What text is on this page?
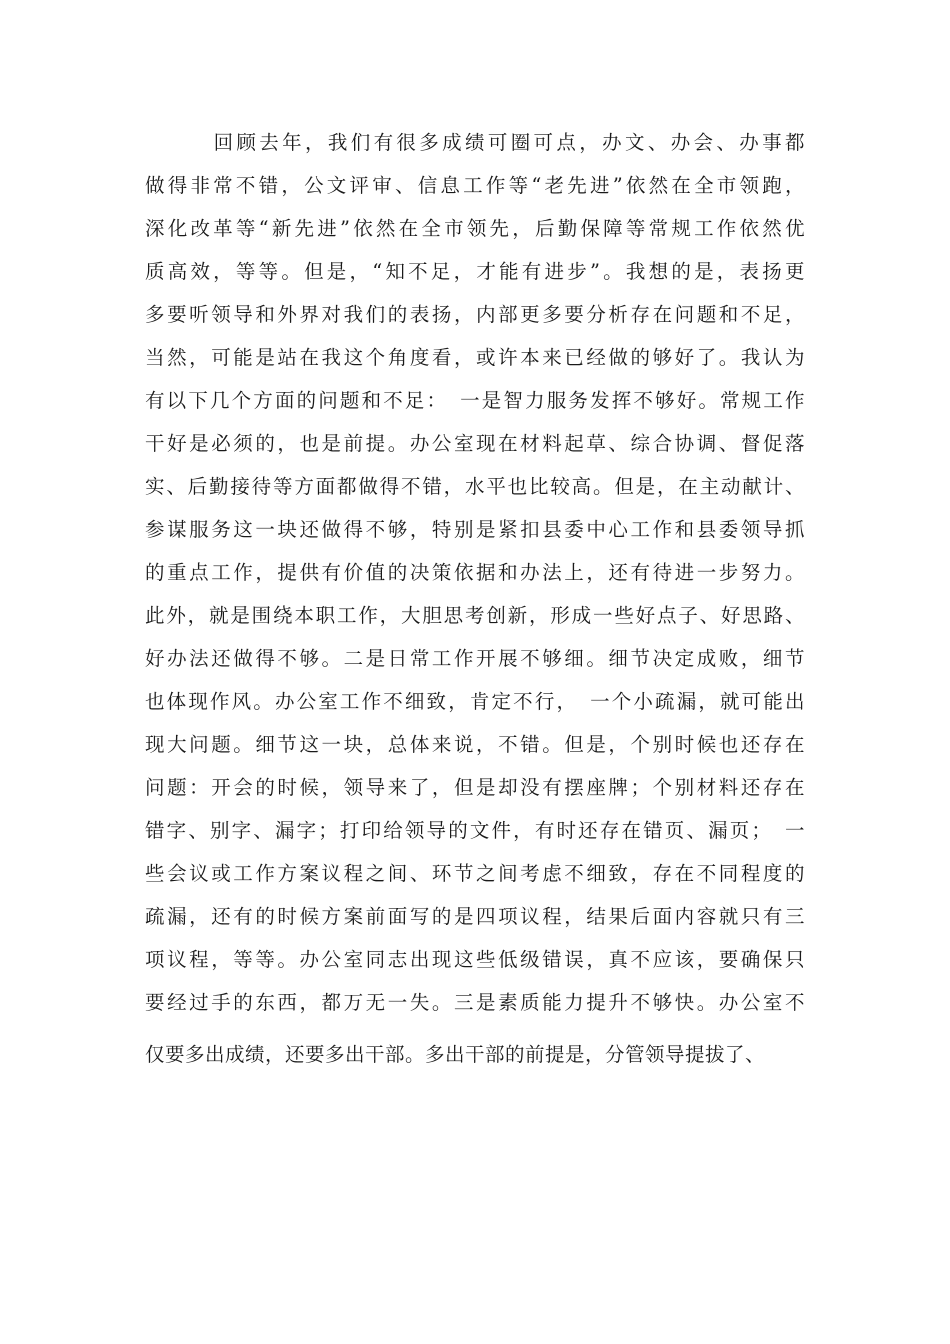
　　　回顾去年，我们有很多成绩可圈可点，办文、办会、办事都
做得非常不错，公文评审、信息工作等“老先进”依然在全市领跑，
深化改革等“新先进”依然在全市领先，后勤保障等常规工作依然优
质高效，等等。但是，“知不足，才能有进步”。我想的是，表扬更
多要听领导和外界对我们的表扬，内部更多要分析存在问题和不足，
当然，可能是站在我这个角度看，或许本来已经做的够好了。我认为
有以下几个方面的问题和不足：　一是智力服务发挥不够好。常规工作
干好是必须的，也是前提。办公室现在材料起草、综合协调、督促落
实、后勤接待等方面都做得不错，水平也比较高。但是，在主动献计、
参谋服务这一块还做得不够，特别是紧扣县委中心工作和县委领导抓
的重点工作，提供有价值的决策依据和办法上，还有待进一步努力。
此外，就是围绕本职工作，大胆思考创新，形成一些好点子、好思路、
好办法还做得不够。二是日常工作开展不够细。细节决定成败，细节
也体现作风。办公室工作不细致，肯定不行，　一个小疏漏，就可能出
现大问题。细节这一块，总体来说，不错。但是，个别时候也还存在
问题：开会的时候，领导来了，但是却没有摆座牌；个别材料还存在
错字、别字、漏字；打印给领导的文件，有时还存在错页、漏页；　一
些会议或工作方案议程之间、环节之间考虑不细致，存在不同程度的
疏漏，还有的时候方案前面写的是四项议程，结果后面内容就只有三
项议程，等等。办公室同志出现这些低级错误，真不应该，要确保只
要经过手的东西，都万无一失。三是素质能力提升不够快。办公室不
仅要多出成绩，还要多出干部。多出干部的前提是，分管领导提拔了、
